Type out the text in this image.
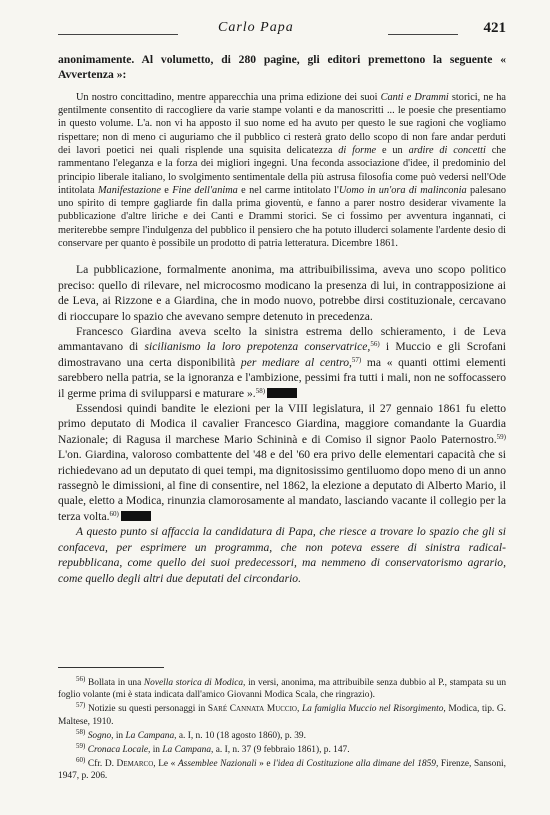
Carlo Papa	421

anonimamente. Al volumetto, di 280 pagine, gli editori premettono la seguente « Avvertenza »:

Un nostro concittadino, mentre apparecchia una prima edizione dei suoi Canti e Drammi storici, ne ha gentilmente consentito di raccogliere da varie stampe volanti e da manoscritti ... le poesie che presentiamo in questo volume. L'a. non vi ha apposto il suo nome ed ha avuto per questo le sue ragioni che vogliamo rispettare; non di meno ci auguriamo che il pubblico ci resterà grato dello scopo di non fare andar perduti dei lavori poetici nei quali risplende una squisita delicatezza di forme e un ardire di concetti che rammentano l'eleganza e la forza dei migliori ingegni. Una feconda associazione d'idee, il predominio del principio liberale italiano, lo svolgimento sentimentale della più astrusa filosofia come può vedersi nell'Ode intitolata Manifestazione e Fine dell'anima e nel carme intitolato l'Uomo in un'ora di malinconia palesano uno spirito di tempre gagliarde fin dalla prima gioventù, e fanno a parer nostro desiderar vivamente la pubblicazione d'altre liriche e dei Canti e Drammi storici. Se ci fossimo per avventura ingannati, ci meriterebbe sempre l'indulgenza del pubblico il pensiero che ha potuto illuderci solamente l'ardente desio di conservare per quanto è possibile un prodotto di patria letteratura. Dicembre 1861.

La pubblicazione, formalmente anonima, ma attribuibilissima, aveva uno scopo politico preciso: quello di rilevare, nel microcosmo modicano la presenza di lui, in contrapposizione ai de Leva, ai Rizzone e a Giardina, che in modo nuovo, potrebbe dirsi costituzionale, cercavano di rioccupare lo spazio che avevano sempre detenuto in precedenza.

Francesco Giardina aveva scelto la sinistra estrema dello schieramento, i de Leva ammantavano di sicilianismo la loro prepotenza conservatrice,$^{56)}$ i Muccio e gli Scrofani dimostravano una certa disponibilità per mediare al centro,$^{57)}$ ma « quanti ottimi elementi sarebbero nella patria, se la ignoranza e l'ambizione, pessimi fra tutti i mali, non ne soffocassero il germe prima di svilupparsi e maturare ».$^{58)}$

Essendosi quindi bandite le elezioni per la VIII legislatura, il 27 gennaio 1861 fu eletto primo deputato di Modica il cavalier Francesco Giardina, maggiore comandante la Guardia Nazionale; di Ragusa il marchese Mario Schininà e di Comiso il signor Paolo Paternostro.$^{59)}$ L'on. Giardina, valoroso combattente del '48 e del '60 era privo delle elementari capacità che si richiedevano ad un deputato di quei tempi, ma dignitosissimo gentiluomo dopo meno di un anno rassegnò le dimissioni, al fine di consentire, nel 1862, la elezione a deputato di Alberto Mario, il quale, eletto a Modica, rinunzia clamorosamente al mandato, lasciando vacante il collegio per la terza volta.$^{60)}$

A questo punto si affaccia la candidatura di Papa, che riesce a trovare lo spazio che gli si confaceva, per esprimere un programma, che non poteva essere di sinistra radical-repubblicana, come quello dei suoi predecessori, ma nemmeno di conservatorismo agrario, come quello degli altri due deputati del circondario.

$^{56)}$ Bollata in una Novella storica di Modica, in versi, anonima, ma attribuibile senza dubbio al P., stampata su un foglio volante (mi è stata indicata dall'amico Giovanni Modica Scala, che ringrazio).

$^{57)}$ Notizie su questi personaggi in Saré Cannata Muccio, La famiglia Muccio nel Risorgimento, Modica, tip. G. Maltese, 1910.

$^{58)}$ Sogno, in La Campana, a. I, n. 10 (18 agosto 1860), p. 39.

$^{59)}$ Cronaca Locale, in La Campana, a. I, n. 37 (9 febbraio 1861), p. 147.

$^{60)}$ Cfr. D. Demarco, Le « Assemblee Nazionali » e l'idea di Costituzione alla dimane del 1859, Firenze, Sansoni, 1947, p. 206.
